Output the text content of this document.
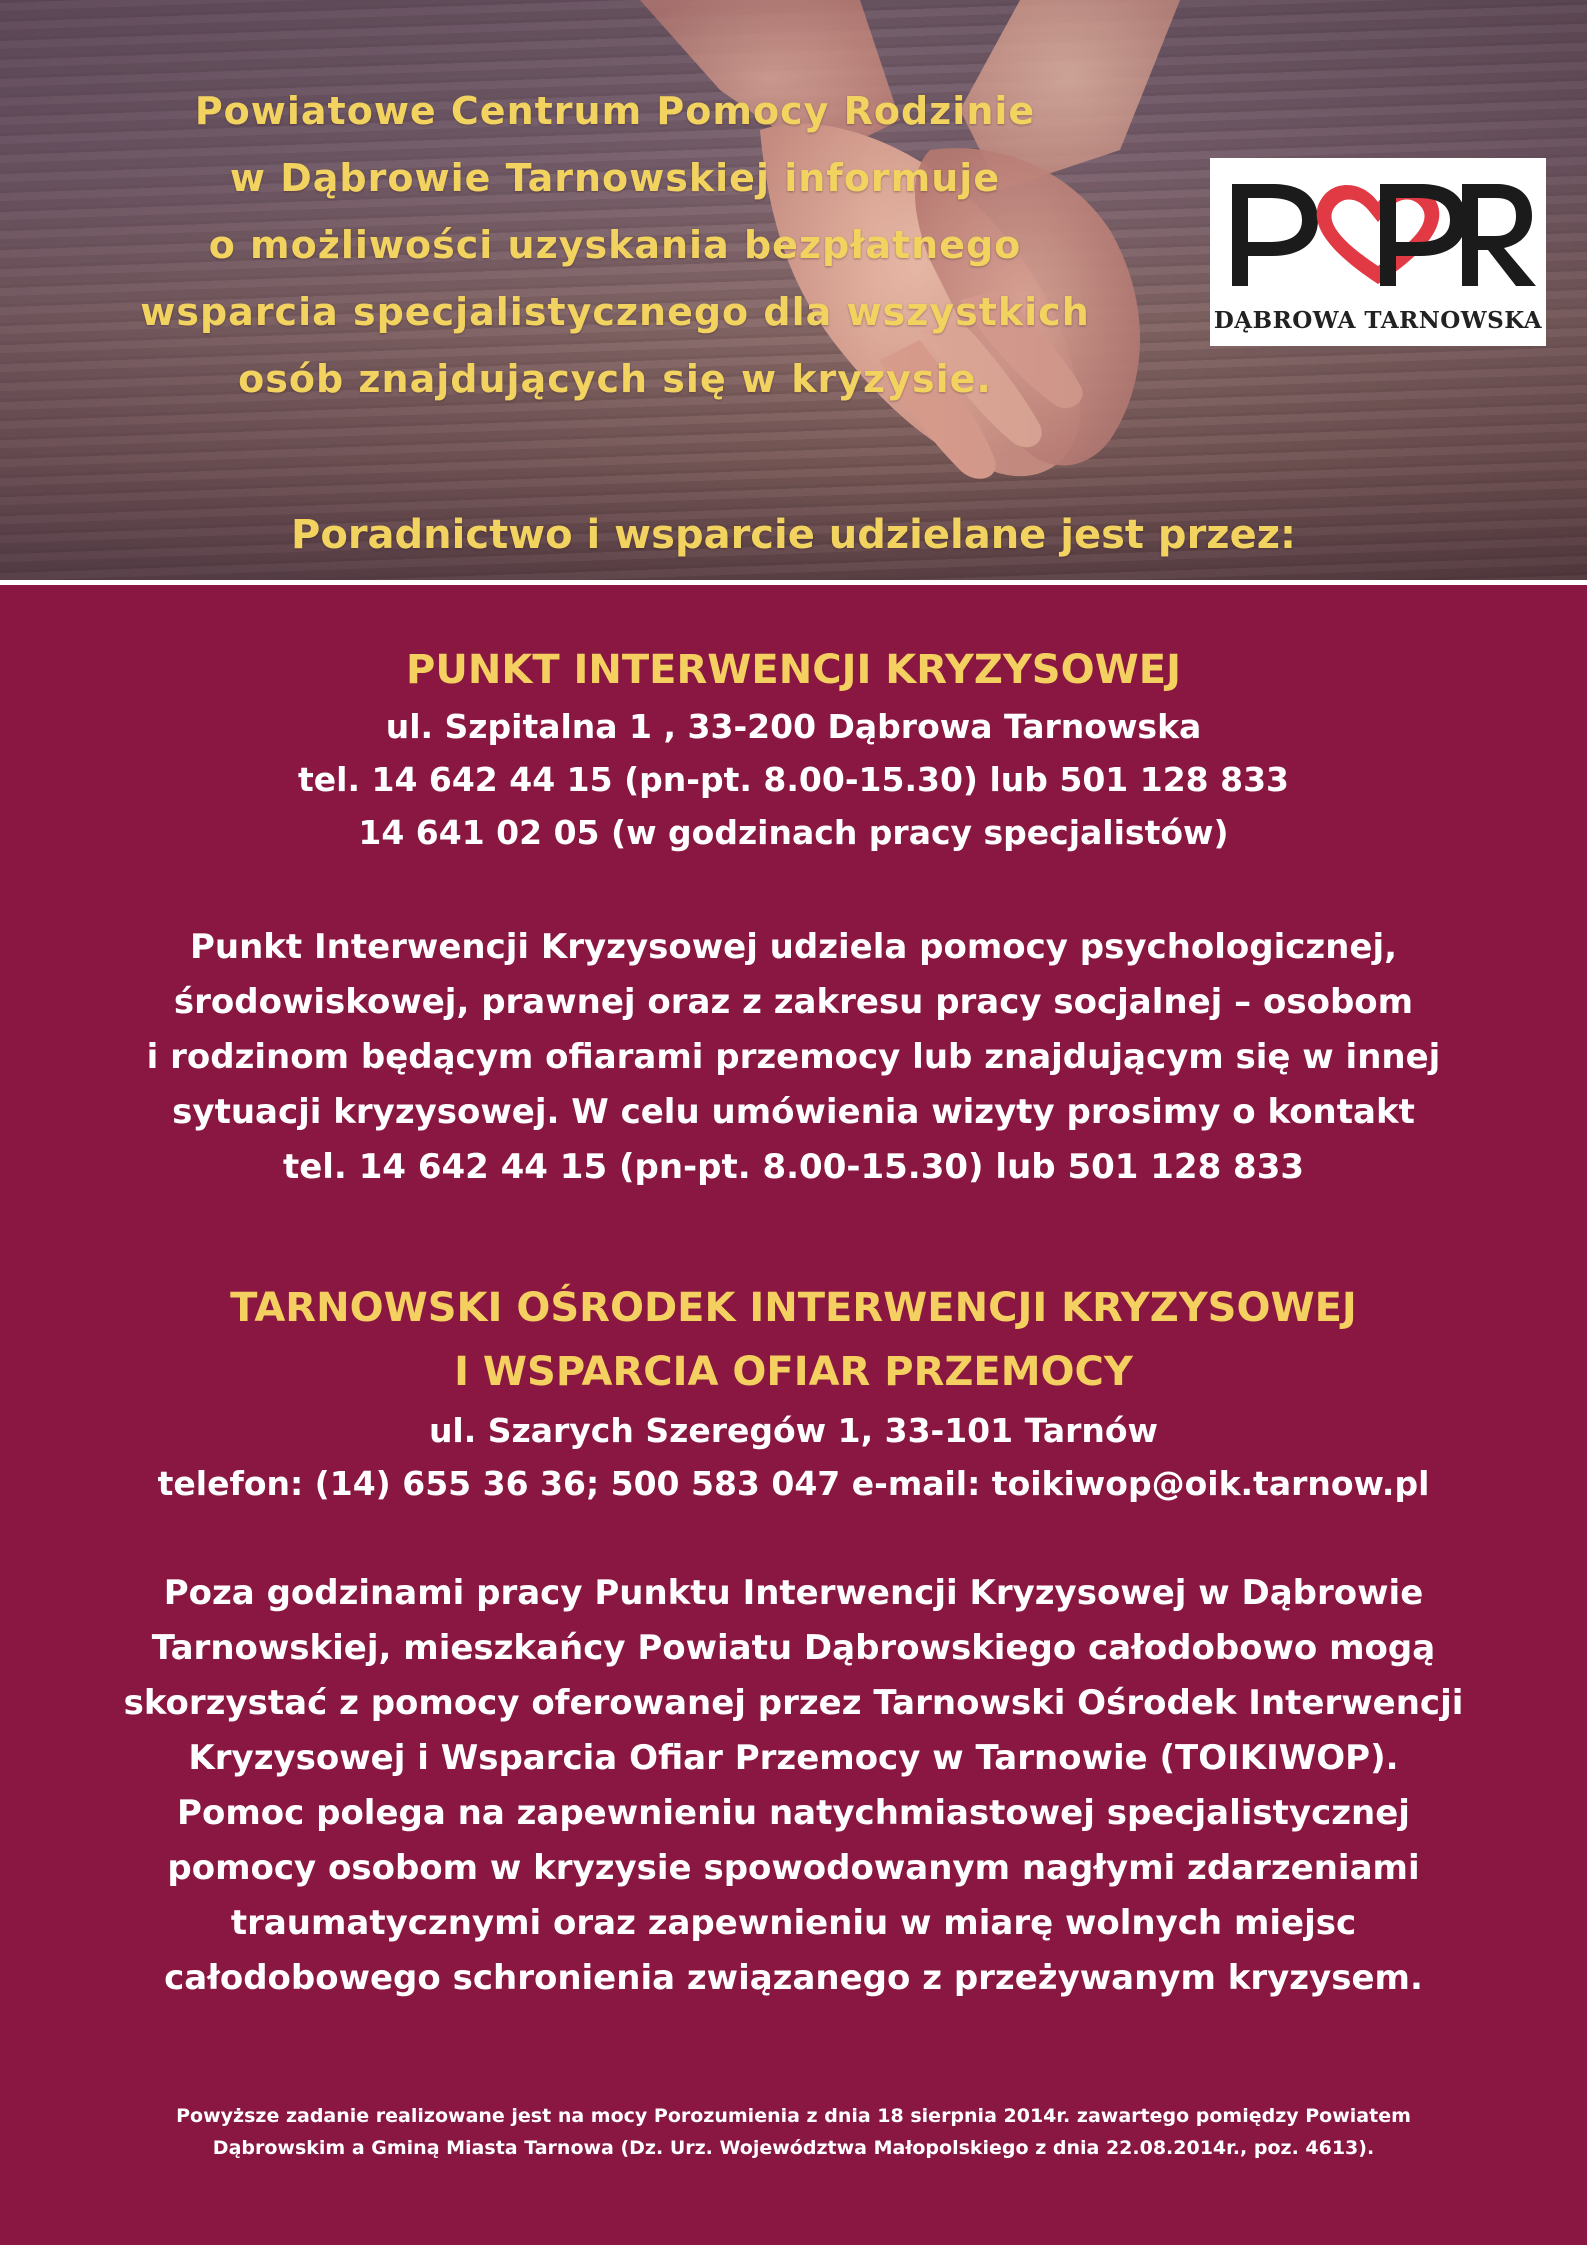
Powiatowe Centrum Pomocy Rodzinie
w Dąbrowie Tarnowskiej informuje
o możliwości uzyskania bezpłatnego
wsparcia specjalistycznego dla wszystkich
osób znajdujących się w kryzysie.
DĄBROWA TARNOWSKA
Poradnictwo i wsparcie udzielane jest przez:
PUNKT INTERWENCJI KRYZYSOWEJ
ul. Szpitalna 1 , 33-200 Dąbrowa Tarnowska
tel. 14 642 44 15 (pn-pt. 8.00-15.30) lub 501 128 833
14 641 02 05 (w godzinach pracy specjalistów)
Punkt Interwencji Kryzysowej udziela pomocy psychologicznej,
środowiskowej, prawnej oraz z zakresu pracy socjalnej – osobom
i rodzinom będącym ofiarami przemocy lub znajdującym się w innej
sytuacji kryzysowej. W celu umówienia wizyty prosimy o kontakt
tel. 14 642 44 15 (pn-pt. 8.00-15.30) lub 501 128 833
TARNOWSKI OŚRODEK INTERWENCJI KRYZYSOWEJ
I WSPARCIA OFIAR PRZEMOCY
ul. Szarych Szeregów 1, 33-101 Tarnów
telefon: (14) 655 36 36; 500 583 047 e-mail: toikiwop@oik.tarnow.pl
Poza godzinami pracy Punktu Interwencji Kryzysowej w Dąbrowie
Tarnowskiej, mieszkańcy Powiatu Dąbrowskiego całodobowo mogą
skorzystać z pomocy oferowanej przez Tarnowski Ośrodek Interwencji
Kryzysowej i Wsparcia Ofiar Przemocy w Tarnowie (TOIKIWOP).
Pomoc polega na zapewnieniu natychmiastowej specjalistycznej
pomocy osobom w kryzysie spowodowanym nagłymi zdarzeniami
traumatycznymi oraz zapewnieniu w miarę wolnych miejsc
całodobowego schronienia związanego z przeżywanym kryzysem.
Powyższe zadanie realizowane jest na mocy Porozumienia z dnia 18 sierpnia 2014r. zawartego pomiędzy Powiatem
Dąbrowskim a Gminą Miasta Tarnowa (Dz. Urz. Województwa Małopolskiego z dnia 22.08.2014r., poz. 4613).
